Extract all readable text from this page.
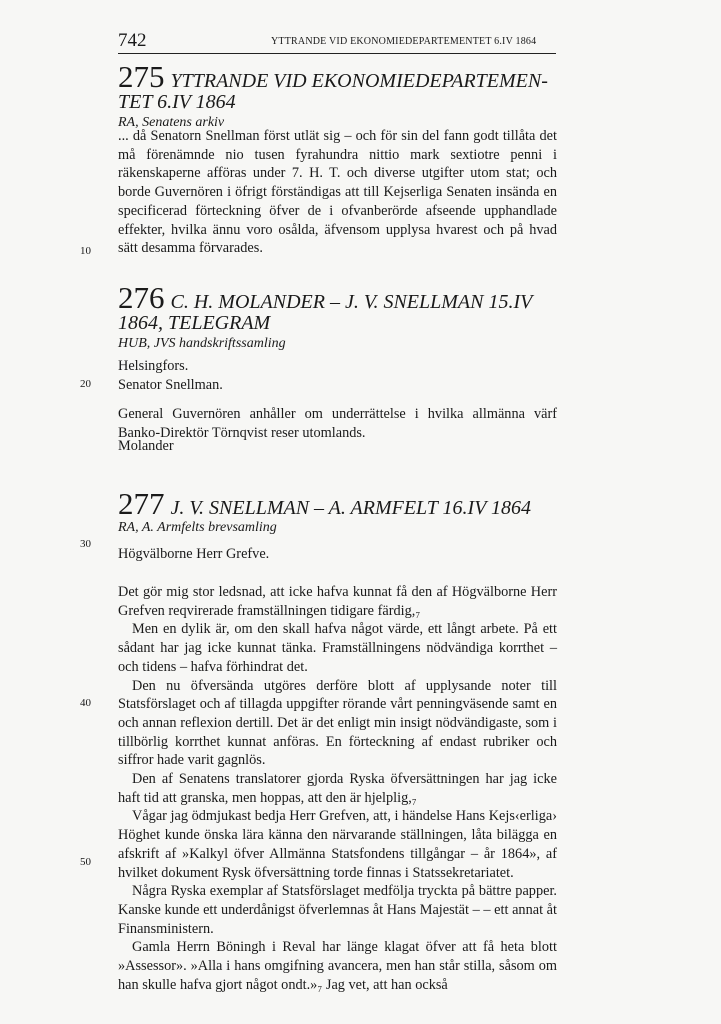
742	YTTRANDE VID EKONOMIEDEPARTEMENTET 6.IV 1864
10
20
30
40
50
275 YTTRANDE VID EKONOMIEDEPARTEMEN-
TET 6.IV 1864
RA, Senatens arkiv

... då Senatorn Snellman först utlät sig – och för sin del fann godt tillåta det må förenämnde nio tusen fyrahundra nittio mark sextiotre penni i räkenskaperne afföras under 7. H. T. och diverse utgifter utom stat; och borde Guvernören i öfrigt förständigas att till Kejserliga Senaten insända en specificerad förteckning öfver de i ofvanberörde afseende upphandlade effekter, hvilka ännu voro osålda, äfvensom upplysa hvarest och på hvad sätt desamma förvarades.

276 C. H. MOLANDER – J. V. SNELLMAN 15.IV
1864, TELEGRAM
HUB, JVS handskriftssamling
Helsingfors.
Senator Snellman.

General Guvernören anhåller om underrättelse i hvilka allmänna värf Banko-Direktör Törnqvist reser utomlands.

Molander
277 J. V. SNELLMAN – A. ARMFELT 16.IV 1864
RA, A. Armfelts brevsamling
Högvälborne Herr Grefve.

Det gör mig stor ledsnad, att icke hafva kunnat få den af Högvälborne Herr Grefven reqvirerade framställningen tidigare färdig,₇

Men en dylik är, om den skall hafva något värde, ett långt arbete. På ett sådant har jag icke kunnat tänka. Framställningens nödvändiga korrthet – och tidens – hafva förhindrat det.

Den nu öfversända utgöres derföre blott af upplysande noter till Statsförslaget och af tillagda uppgifter rörande vårt penningväsende samt en och annan reflexion dertill. Det är det enligt min insigt nödvändigaste, som i tillbörlig korrthet kunnat anföras. En förteckning af endast rubriker och siffror hade varit gagnlös.

Den af Senatens translatorer gjorda Ryska öfversättningen har jag icke haft tid att granska, men hoppas, att den är hjelplig,₇

Vågar jag ödmjukast bedja Herr Grefven, att, i händelse Hans Kejs‹erliga› Höghet kunde önska lära känna den närvarande ställningen, låta bilägga en afskrift af »Kalkyl öfver Allmänna Statsfondens tillgångar – år 1864», af hvilket dokument Rysk öfversättning torde finnas i Statssekretariatet.

Några Ryska exemplar af Statsförslaget medfölja tryckta på bättre papper. Kanske kunde ett underdånigst öfverlemnas åt Hans Majestät – – ett annat åt Finansministern.

Gamla Herrn Böningh i Reval har länge klagat öfver att få heta blott »Assessor». »Alla i hans omgifning avancera, men han står stilla, såsom om han skulle hafva gjort något ondt.»₇ Jag vet, att han också
